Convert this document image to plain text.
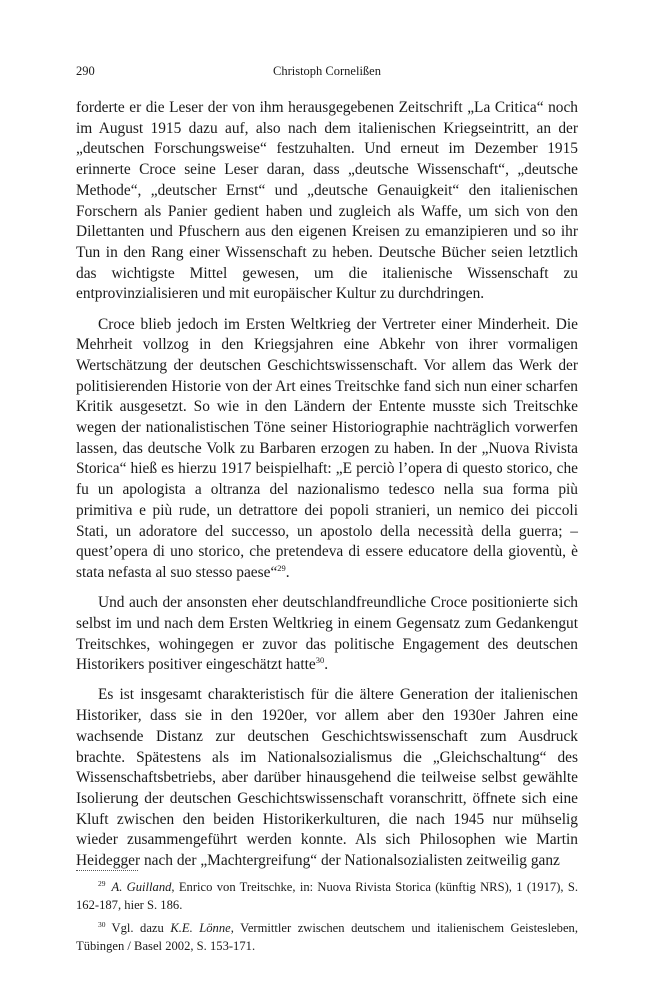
290	Christoph Cornelißen

forderte er die Leser der von ihm herausgegebenen Zeitschrift „La Critica“ noch im August 1915 dazu auf, also nach dem italienischen Kriegseintritt, an der „deutschen Forschungsweise“ festzuhalten. Und erneut im Dezember 1915 erinnerte Croce seine Leser daran, dass „deutsche Wissenschaft“, „deutsche Methode“, „deutscher Ernst“ und „deutsche Genauigkeit“ den italienischen Forschern als Panier gedient haben und zugleich als Waffe, um sich von den Dilettanten und Pfuschern aus den eigenen Kreisen zu emanzipieren und so ihr Tun in den Rang einer Wissenschaft zu heben. Deutsche Bücher seien letztlich das wichtigste Mittel gewesen, um die italienische Wissenschaft zu entprovinzialisieren und mit europäischer Kultur zu durchdringen.

Croce blieb jedoch im Ersten Weltkrieg der Vertreter einer Minderheit. Die Mehrheit vollzog in den Kriegsjahren eine Abkehr von ihrer vormaligen Wertschätzung der deutschen Geschichtswissenschaft. Vor allem das Werk der politisierenden Historie von der Art eines Treitschke fand sich nun einer scharfen Kritik ausgesetzt. So wie in den Ländern der Entente musste sich Treitschke wegen der nationalistischen Töne seiner Historiographie nachträglich vorwerfen lassen, das deutsche Volk zu Barbaren erzogen zu haben. In der „Nuova Rivista Storica“ hieß es hierzu 1917 beispielhaft: „E perciò l’opera di questo storico, che fu un apologista a oltranza del nazionalismo tedesco nella sua forma più primitiva e più rude, un detrattore dei popoli stranieri, un nemico dei piccoli Stati, un adoratore del successo, un apostolo della necessità della guerra; – quest’opera di uno storico, che pretendeva di essere educatore della gioventù, è stata nefasta al suo stesso paese“$^{29}$.

Und auch der ansonsten eher deutschlandfreundliche Croce positionierte sich selbst im und nach dem Ersten Weltkrieg in einem Gegensatz zum Gedankengut Treitschkes, wohingegen er zuvor das politische Engagement des deutschen Historikers positiver eingeschätzt hatte$^{30}$.

Es ist insgesamt charakteristisch für die ältere Generation der italienischen Historiker, dass sie in den 1920er, vor allem aber den 1930er Jahren eine wachsende Distanz zur deutschen Geschichtswissenschaft zum Ausdruck brachte. Spätestens als im Nationalsozialismus die „Gleichschaltung“ des Wissenschaftsbetriebs, aber darüber hinausgehend die teilweise selbst gewählte Isolierung der deutschen Geschichtswissenschaft voranschritt, öffnete sich eine Kluft zwischen den beiden Historikerkulturen, die nach 1945 nur mühselig wieder zusammengeführt werden konnte. Als sich Philosophen wie Martin Heidegger nach der „Machtergreifung“ der Nationalsozialisten zeitweilig ganz

$^{29}$ A. Guilland, Enrico von Treitschke, in: Nuova Rivista Storica (künftig NRS), 1 (1917), S. 162-187, hier S. 186.

$^{30}$ Vgl. dazu K.E. Lönne, Vermittler zwischen deutschem und italienischem Geistesleben, Tübingen / Basel 2002, S. 153-171.
